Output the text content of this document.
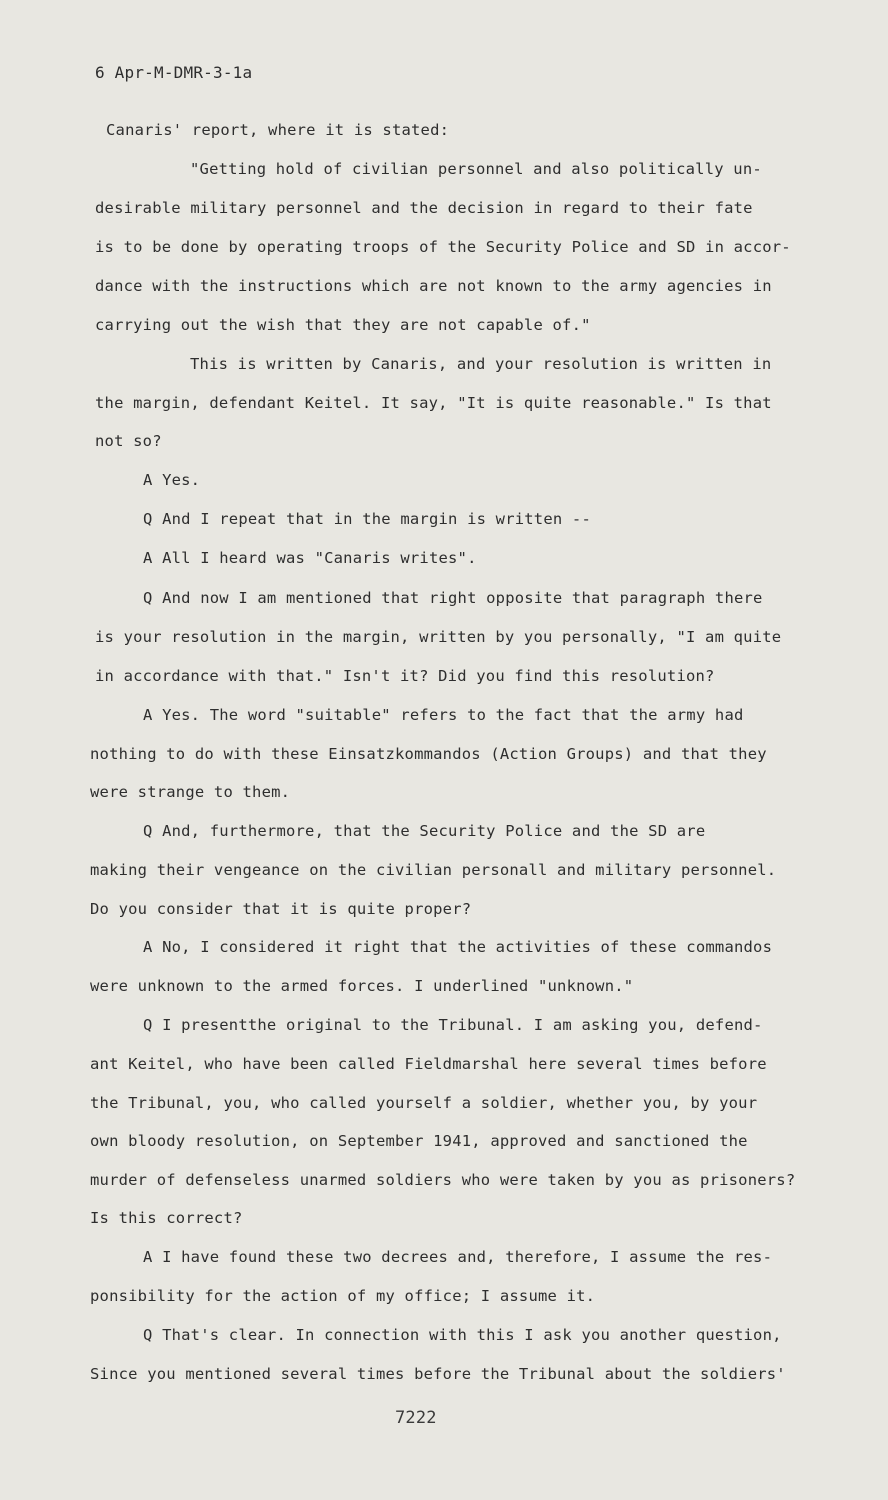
6 Apr-M-DMR-3-1a
Canaris' report, where it is stated:
"Getting hold of civilian personnel and also politically un-
desirable military personnel and the decision in regard to their fate
is to be done by operating troops of the Security Police and SD in accor-
dance with the instructions which are not known to the army agencies in
carrying out the wish that they are not capable of."
This is written by Canaris, and your resolution is written in
the margin, defendant Keitel. It say, "It is quite reasonable." Is that
not so?
A Yes.
Q And I repeat that in the margin is written --
A All I heard was "Canaris writes".
Q And now I am mentioned that right opposite that paragraph there
is your resolution in the margin, written by you personally, "I am quite
in accordance with that." Isn't it? Did you find this resolution?
A Yes. The word "suitable" refers to the fact that the army had
nothing to do with these Einsatzkommandos (Action Groups) and that they
were strange to them.
Q And, furthermore, that the Security Police and the SD are
making their vengeance on the civilian personall and military personnel.
Do you consider that it is quite proper?
A No, I considered it right that the activities of these commandos
were unknown to the armed forces. I underlined "unknown."
Q I presentthe original to the Tribunal. I am asking you, defend-
ant Keitel, who have been called Fieldmarshal here several times before
the Tribunal, you, who called yourself a soldier, whether you, by your
own bloody resolution, on September 1941, approved and sanctioned the
murder of defenseless unarmed soldiers who were taken by you as prisoners?
Is this correct?
A I have found these two decrees and, therefore, I assume the res-
ponsibility for the action of my office; I assume it.
Q That's clear. In connection with this I ask you another question,
Since you mentioned several times before the Tribunal about the soldiers'
7222
